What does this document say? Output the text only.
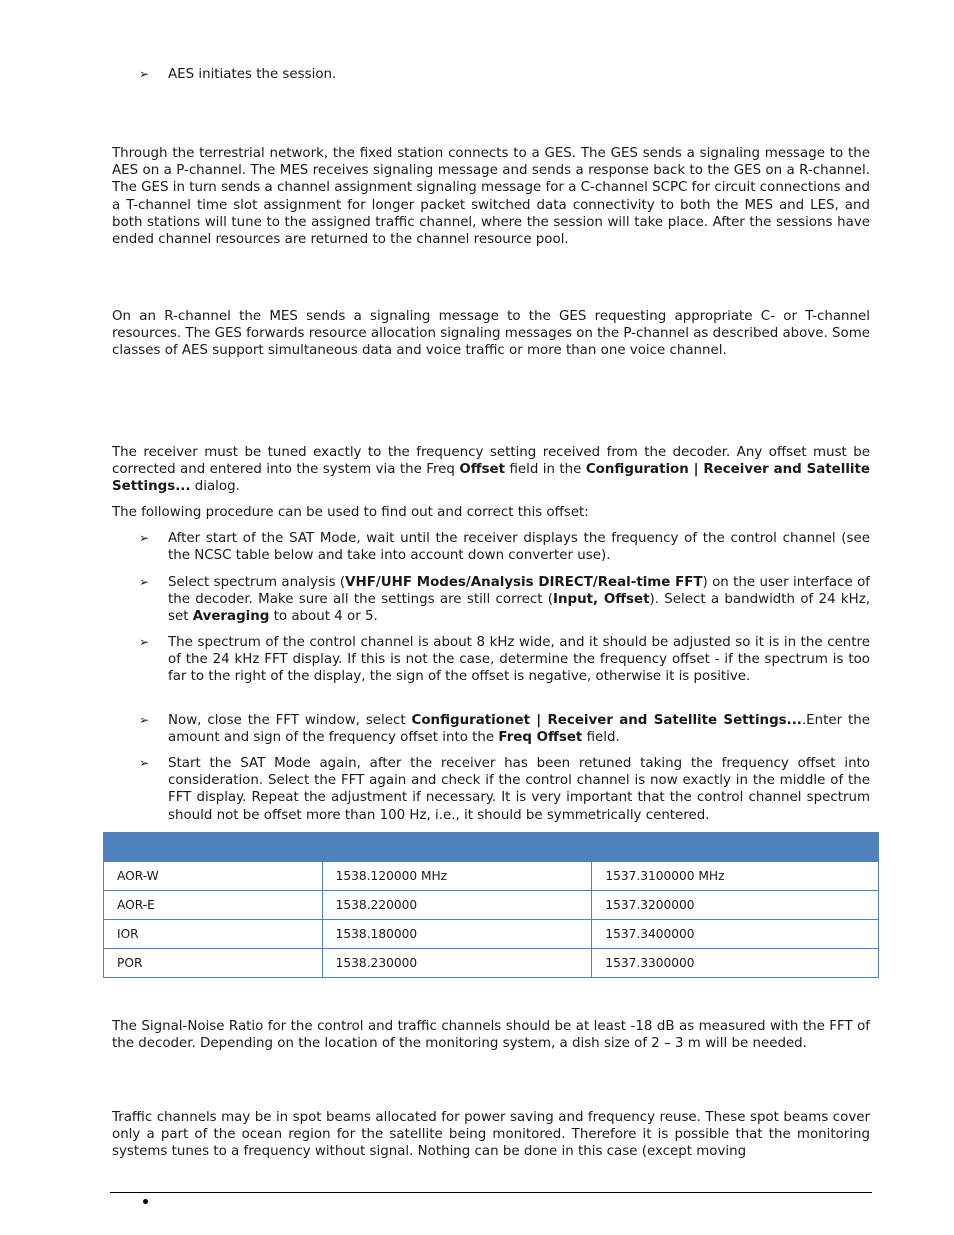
➢ AES initiates the session.

Through the terrestrial network, the fixed station connects to a GES. The GES sends a signaling message to the AES on a P-channel. The MES receives signaling message and sends a response back to the GES on a R-channel. The GES in turn sends a channel assignment signaling message for a C-channel SCPC for circuit connections and a T-channel time slot assignment for longer packet switched data connectivity to both the MES and LES, and both stations will tune to the assigned traffic channel, where the session will take place. After the sessions have ended channel resources are returned to the channel resource pool.

On an R-channel the MES sends a signaling message to the GES requesting appropriate C- or T-channel resources. The GES forwards resource allocation signaling messages on the P-channel as described above. Some classes of AES support simultaneous data and voice traffic or more than one voice channel.

The receiver must be tuned exactly to the frequency setting received from the decoder. Any offset must be corrected and entered into the system via the Freq Offset field in the Configuration | Receiver and Satellite Settings... dialog.

The following procedure can be used to find out and correct this offset:

➢ After start of the SAT Mode, wait until the receiver displays the frequency of the control channel (see the NCSC table below and take into account down converter use).
➢ Select spectrum analysis (VHF/UHF Modes/Analysis DIRECT/Real-time FFT) on the user interface of the decoder. Make sure all the settings are still correct (Input, Offset). Select a bandwidth of 24 kHz, set Averaging to about 4 or 5.
➢ The spectrum of the control channel is about 8 kHz wide, and it should be adjusted so it is in the centre of the 24 kHz FFT display. If this is not the case, determine the frequency offset - if the spectrum is too far to the right of the display, the sign of the offset is negative, otherwise it is positive.
➢ Now, close the FFT window, select Configurationet | Receiver and Satellite Settings....Enter the amount and sign of the frequency offset into the Freq Offset field.
➢ Start the SAT Mode again, after the receiver has been retuned taking the frequency offset into consideration. Select the FFT again and check if the control channel is now exactly in the middle of the FFT display. Repeat the adjustment if necessary. It is very important that the control channel spectrum should not be offset more than 100 Hz, i.e., it should be symmetrically centered.

AOR-W	1538.120000 MHz	1537.3100000 MHz
AOR-E	1538.220000	1537.3200000
IOR	1538.180000	1537.3400000
POR	1538.230000	1537.3300000

The Signal-Noise Ratio for the control and traffic channels should be at least -18 dB as measured with the FFT of the decoder. Depending on the location of the monitoring system, a dish size of 2 – 3 m will be needed.

Traffic channels may be in spot beams allocated for power saving and frequency reuse. These spot beams cover only a part of the ocean region for the satellite being monitored. Therefore it is possible that the monitoring systems tunes to a frequency without signal. Nothing can be done in this case (except moving
